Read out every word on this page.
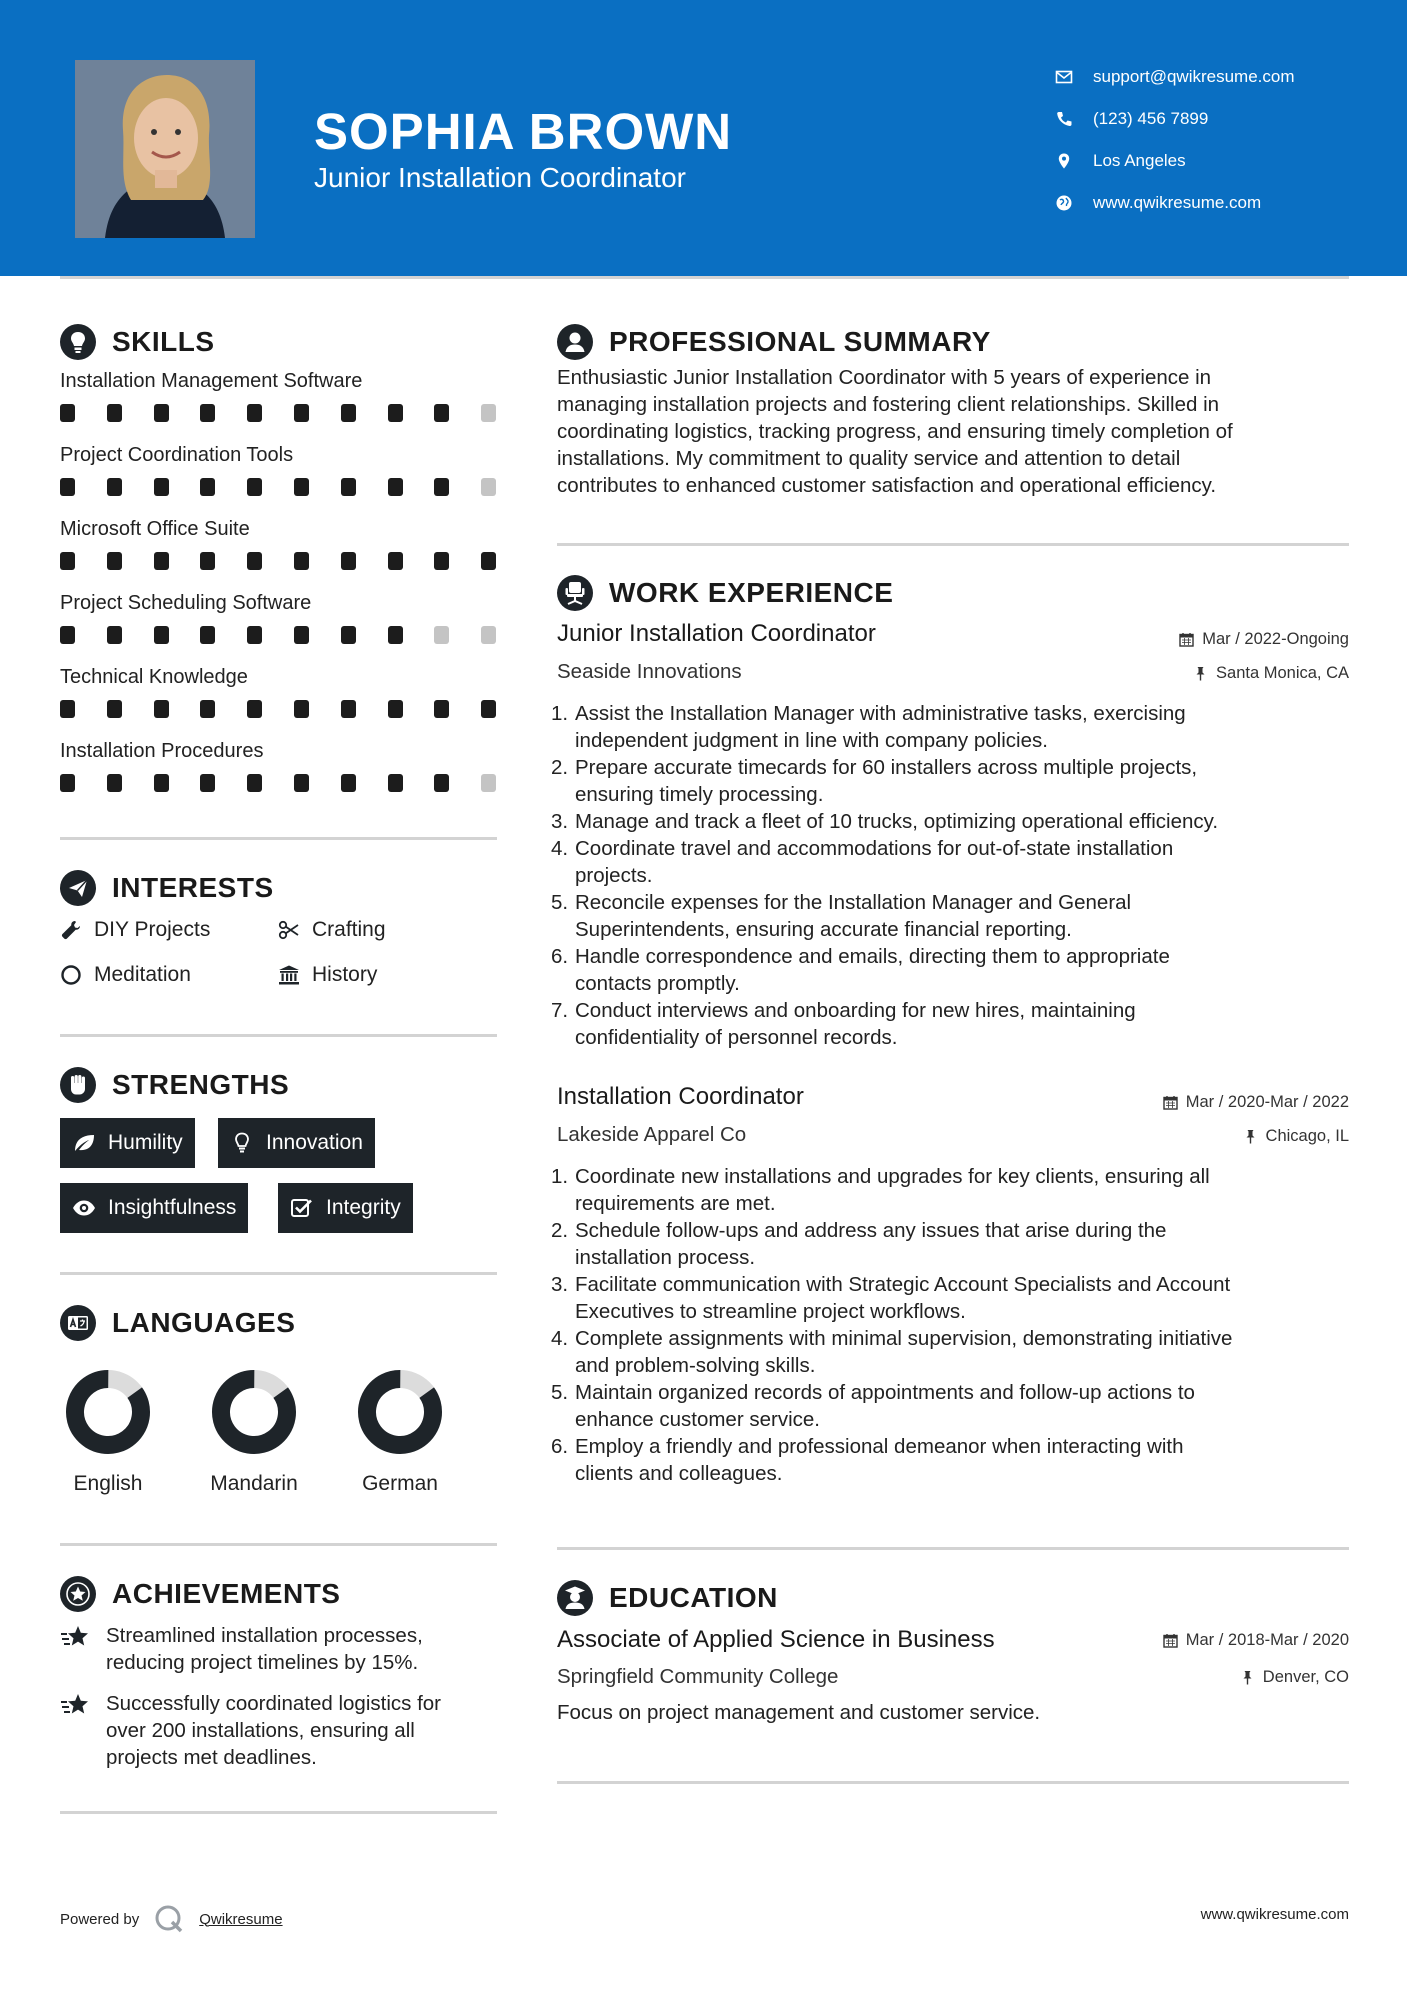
SOPHIA BROWN
Junior Installation Coordinator
support@qwikresume.com
(123) 456 7899
Los Angeles
www.qwikresume.com
SKILLS
Installation Management Software
Project Coordination Tools
Microsoft Office Suite
Project Scheduling Software
Technical Knowledge
Installation Procedures
INTERESTS
DIY Projects	Crafting
Meditation	History
STRENGTHS
Humility	Innovation
Insightfulness	Integrity
LANGUAGES
English	Mandarin	German
ACHIEVEMENTS
Streamlined installation processes,
reducing project timelines by 15%.
Successfully coordinated logistics for
over 200 installations, ensuring all
projects met deadlines.
PROFESSIONAL SUMMARY
Enthusiastic Junior Installation Coordinator with 5 years of experience in
managing installation projects and fostering client relationships. Skilled in
coordinating logistics, tracking progress, and ensuring timely completion of
installations. My commitment to quality service and attention to detail
contributes to enhanced customer satisfaction and operational efficiency.
WORK EXPERIENCE
Junior Installation Coordinator	Mar / 2022-Ongoing
Seaside Innovations	Santa Monica, CA
1. Assist the Installation Manager with administrative tasks, exercising
independent judgment in line with company policies.
2. Prepare accurate timecards for 60 installers across multiple projects,
ensuring timely processing.
3. Manage and track a fleet of 10 trucks, optimizing operational efficiency.
4. Coordinate travel and accommodations for out-of-state installation
projects.
5. Reconcile expenses for the Installation Manager and General
Superintendents, ensuring accurate financial reporting.
6. Handle correspondence and emails, directing them to appropriate
contacts promptly.
7. Conduct interviews and onboarding for new hires, maintaining
confidentiality of personnel records.
Installation Coordinator	Mar / 2020-Mar / 2022
Lakeside Apparel Co	Chicago, IL
1. Coordinate new installations and upgrades for key clients, ensuring all
requirements are met.
2. Schedule follow-ups and address any issues that arise during the
installation process.
3. Facilitate communication with Strategic Account Specialists and Account
Executives to streamline project workflows.
4. Complete assignments with minimal supervision, demonstrating initiative
and problem-solving skills.
5. Maintain organized records of appointments and follow-up actions to
enhance customer service.
6. Employ a friendly and professional demeanor when interacting with
clients and colleagues.
EDUCATION
Associate of Applied Science in Business	Mar / 2018-Mar / 2020
Springfield Community College	Denver, CO
Focus on project management and customer service.
Powered by	Qwikresume	www.qwikresume.com
